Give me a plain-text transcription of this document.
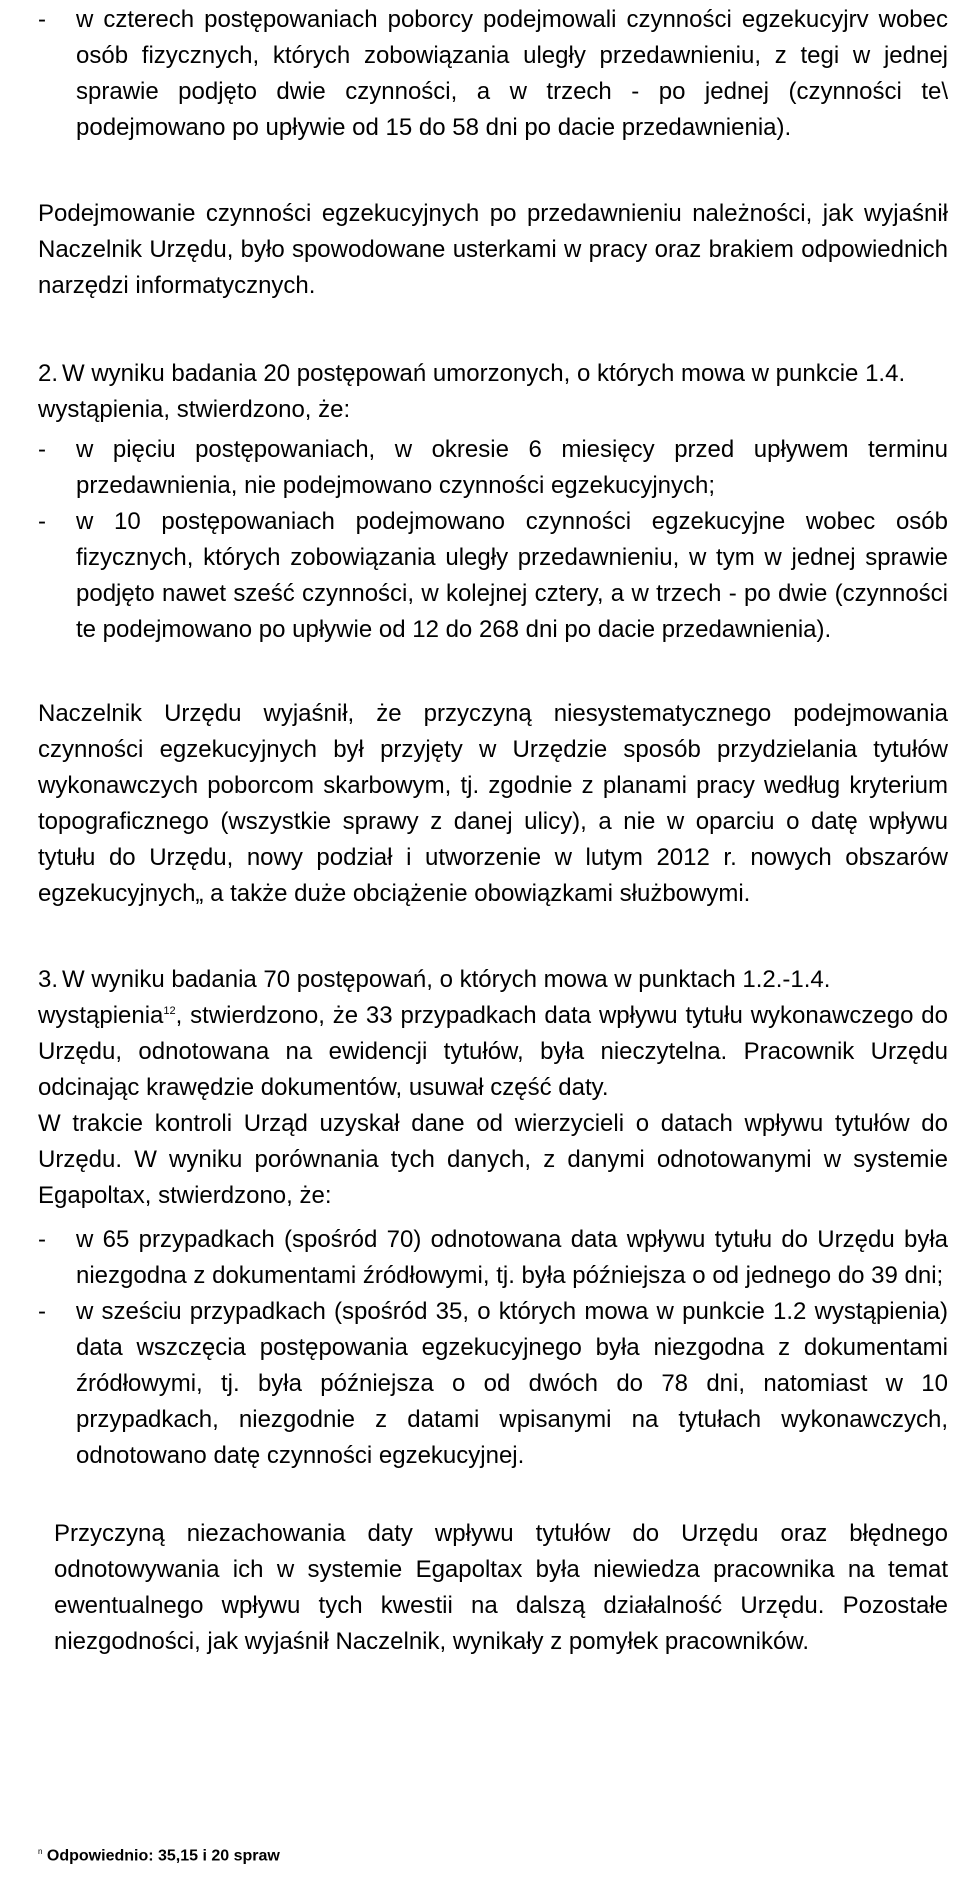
- w czterech postępowaniach poborcy podejmowali czynności egzekucyjrv wobec osób fizycznych, których zobowiązania uległy przedawnieniu, z tegi w jednej sprawie podjęto dwie czynności, a w trzech - po jednej (czynności te\ podejmowano po upływie od 15 do 58 dni po dacie przedawnienia).
Podejmowanie czynności egzekucyjnych po przedawnieniu należności, jak wyjaśnił Naczelnik Urzędu, było spowodowane usterkami w pracy oraz brakiem odpowiednich narzędzi informatycznych.
2. W wyniku badania 20 postępowań umorzonych, o których mowa w punkcie 1.4.
wystąpienia, stwierdzono, że:
- w pięciu postępowaniach, w okresie 6 miesięcy przed upływem terminu przedawnienia, nie podejmowano czynności egzekucyjnych;
- w 10 postępowaniach podejmowano czynności egzekucyjne wobec osób fizycznych, których zobowiązania uległy przedawnieniu, w tym w jednej sprawie podjęto nawet sześć czynności, w kolejnej cztery, a w trzech - po dwie (czynności te podejmowano po upływie od 12 do 268 dni po dacie przedawnienia).
Naczelnik Urzędu wyjaśnił, że przyczyną niesystematycznego podejmowania czynności egzekucyjnych był przyjęty w Urzędzie sposób przydzielania tytułów wykonawczych poborcom skarbowym, tj. zgodnie z planami pracy według kryterium topograficznego (wszystkie sprawy z danej ulicy), a nie w oparciu o datę wpływu tytułu do Urzędu, nowy podział i utworzenie w lutym 2012 r. nowych obszarów egzekucyjnych„ a także duże obciążenie obowiązkami służbowymi.
3. W wyniku badania 70 postępowań, o których mowa w punktach 1.2.-1.4.
wystąpienia$^{12}$, stwierdzono, że 33 przypadkach data wpływu tytułu wykonawczego do Urzędu, odnotowana na ewidencji tytułów, była nieczytelna. Pracownik Urzędu odcinając krawędzie dokumentów, usuwał część daty.
W trakcie kontroli Urząd uzyskał dane od wierzycieli o datach wpływu tytułów do Urzędu. W wyniku porównania tych danych, z danymi odnotowanymi w systemie Egapoltax, stwierdzono, że:
- w 65 przypadkach (spośród 70) odnotowana data wpływu tytułu do Urzędu była niezgodna z dokumentami źródłowymi, tj. była późniejsza o od jednego do 39 dni;
- w sześciu przypadkach (spośród 35, o których mowa w punkcie 1.2 wystąpienia) data wszczęcia postępowania egzekucyjnego była niezgodna z dokumentami źródłowymi, tj. była późniejsza o od dwóch do 78 dni, natomiast w 10 przypadkach, niezgodnie z datami wpisanymi na tytułach wykonawczych, odnotowano datę czynności egzekucyjnej.
Przyczyną niezachowania daty wpływu tytułów do Urzędu oraz błędnego odnotowywania ich w systemie Egapoltax była niewiedza pracownika na temat ewentualnego wpływu tych kwestii na dalszą działalność Urzędu. Pozostałe niezgodności, jak wyjaśnił Naczelnik, wynikały z pomyłek pracowników.
$^n$ Odpowiednio: 35,15 i 20 spraw
